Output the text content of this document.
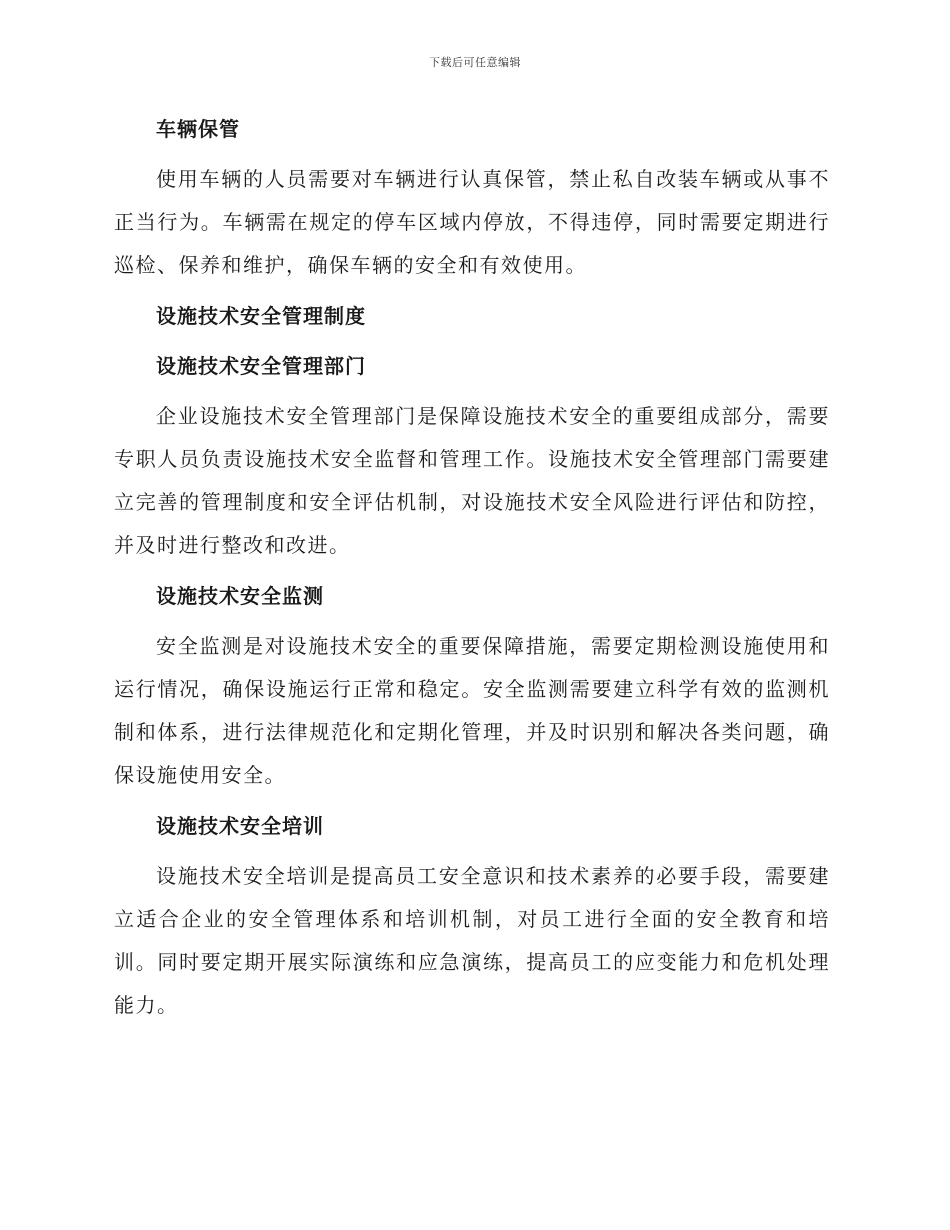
下载后可任意编辑
车辆保管

使用车辆的人员需要对车辆进行认真保管，禁止私自改装车辆或从事不正当行为。车辆需在规定的停车区域内停放，不得违停，同时需要定期进行巡检、保养和维护，确保车辆的安全和有效使用。

设施技术安全管理制度
设施技术安全管理部门

企业设施技术安全管理部门是保障设施技术安全的重要组成部分，需要专职人员负责设施技术安全监督和管理工作。设施技术安全管理部门需要建立完善的管理制度和安全评估机制，对设施技术安全风险进行评估和防控，并及时进行整改和改进。

设施技术安全监测

安全监测是对设施技术安全的重要保障措施，需要定期检测设施使用和运行情况，确保设施运行正常和稳定。安全监测需要建立科学有效的监测机制和体系，进行法律规范化和定期化管理，并及时识别和解决各类问题，确保设施使用安全。

设施技术安全培训

设施技术安全培训是提高员工安全意识和技术素养的必要手段，需要建立适合企业的安全管理体系和培训机制，对员工进行全面的安全教育和培训。同时要定期开展实际演练和应急演练，提高员工的应变能力和危机处理能力。
